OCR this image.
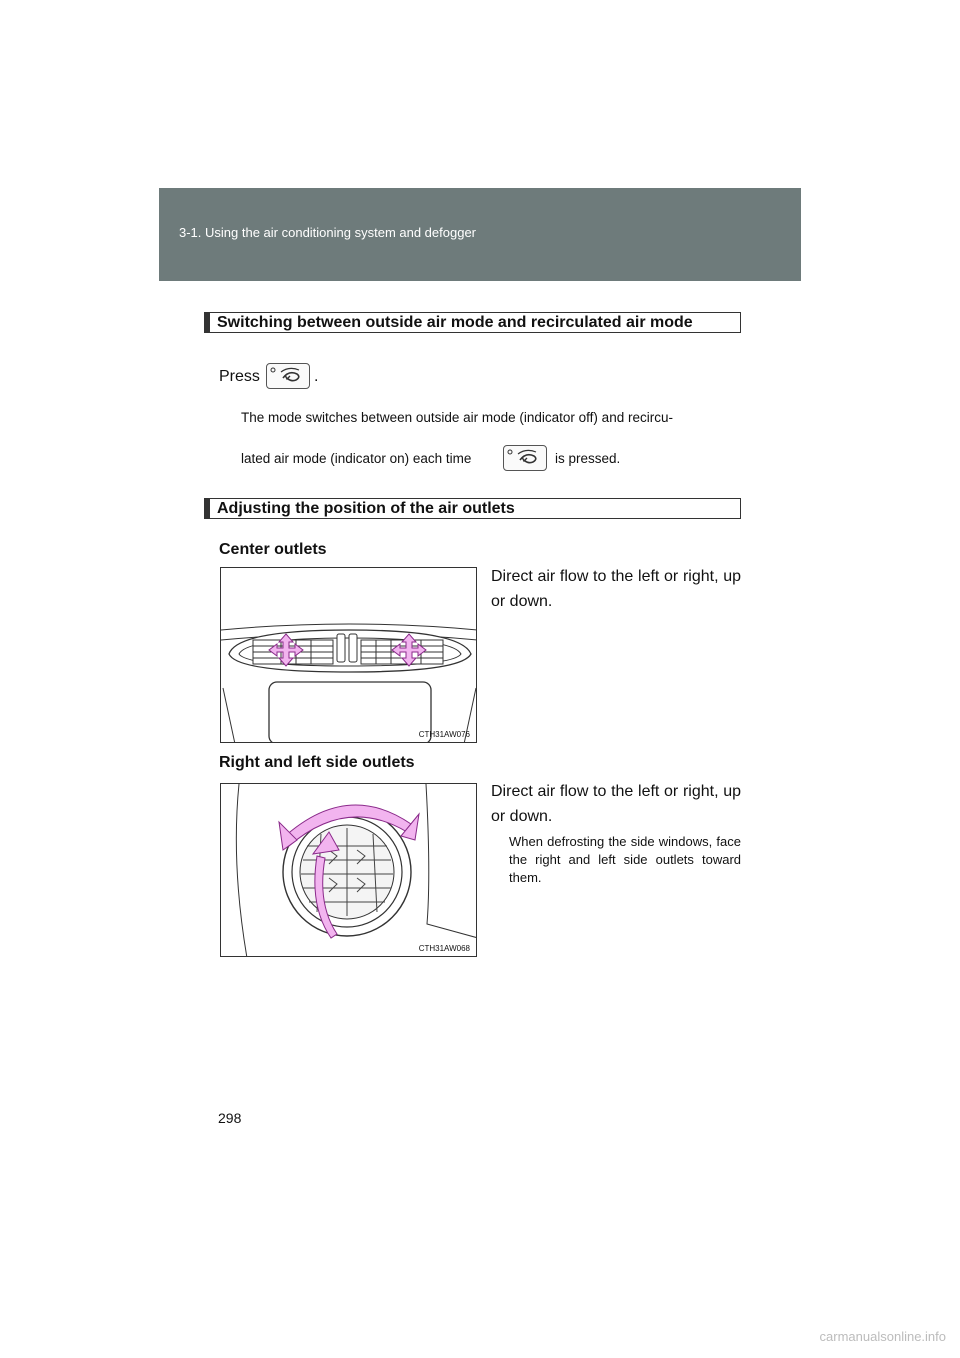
3-1. Using the air conditioning system and defogger
Switching between outside air mode and recirculated air mode
Press	.
The mode switches between outside air mode (indicator off) and recircu-
lated air mode (indicator on) each time	is pressed.
Adjusting the position of the air outlets
Center outlets
CTH31AW076
Direct air flow to the left or right, up or down.
Right and left side outlets
CTH31AW068
Direct air flow to the left or right, up or down.
When defrosting the side windows, face the right and left side outlets toward them.
298
carmanualsonline.info
